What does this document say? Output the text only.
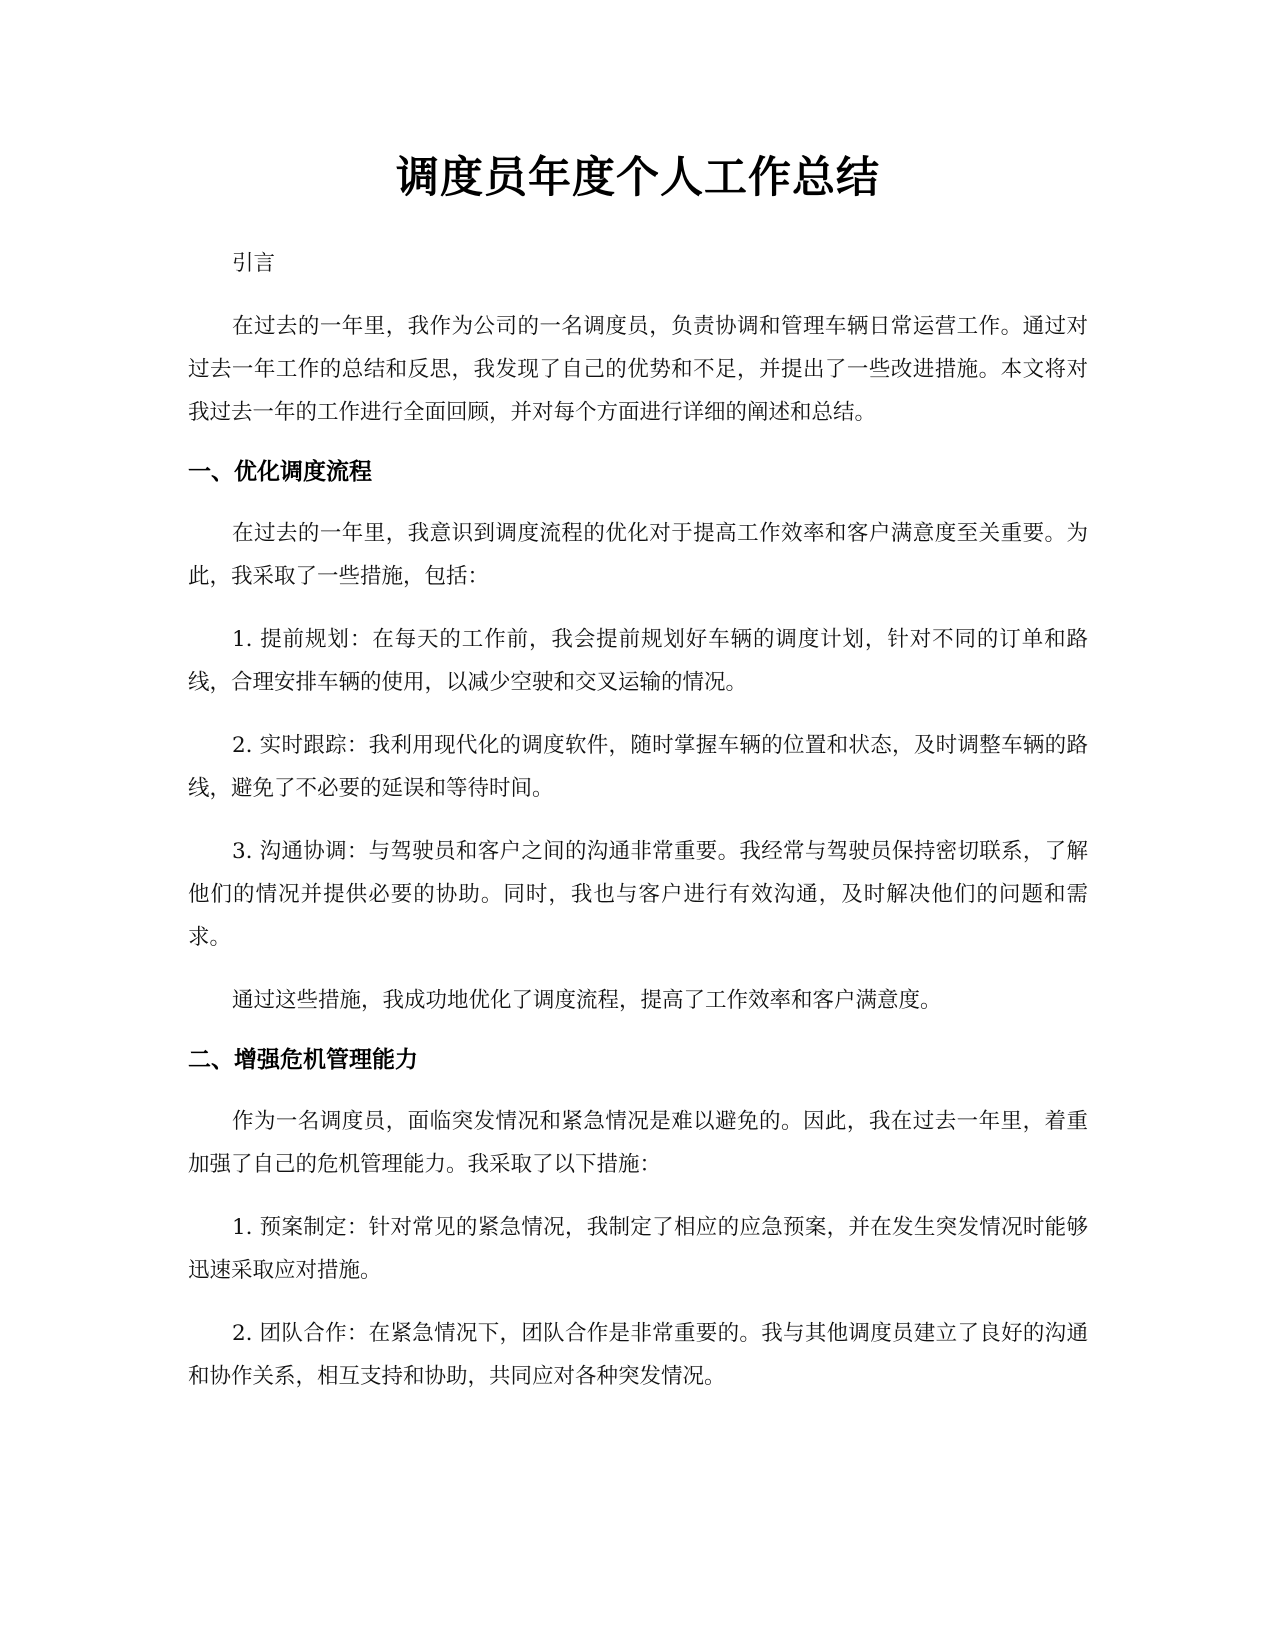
调度员年度个人工作总结

引言

在过去的一年里，我作为公司的一名调度员，负责协调和管理车辆日常运营工作。通过对过去一年工作的总结和反思，我发现了自己的优势和不足，并提出了一些改进措施。本文将对我过去一年的工作进行全面回顾，并对每个方面进行详细的阐述和总结。

一、优化调度流程

在过去的一年里，我意识到调度流程的优化对于提高工作效率和客户满意度至关重要。为此，我采取了一些措施，包括：

1. 提前规划：在每天的工作前，我会提前规划好车辆的调度计划，针对不同的订单和路线，合理安排车辆的使用，以减少空驶和交叉运输的情况。

2. 实时跟踪：我利用现代化的调度软件，随时掌握车辆的位置和状态，及时调整车辆的路线，避免了不必要的延误和等待时间。

3. 沟通协调：与驾驶员和客户之间的沟通非常重要。我经常与驾驶员保持密切联系，了解他们的情况并提供必要的协助。同时，我也与客户进行有效沟通，及时解决他们的问题和需求。

通过这些措施，我成功地优化了调度流程，提高了工作效率和客户满意度。

二、增强危机管理能力

作为一名调度员，面临突发情况和紧急情况是难以避免的。因此，我在过去一年里，着重加强了自己的危机管理能力。我采取了以下措施：

1. 预案制定：针对常见的紧急情况，我制定了相应的应急预案，并在发生突发情况时能够迅速采取应对措施。

2. 团队合作：在紧急情况下，团队合作是非常重要的。我与其他调度员建立了良好的沟通和协作关系，相互支持和协助，共同应对各种突发情况。
